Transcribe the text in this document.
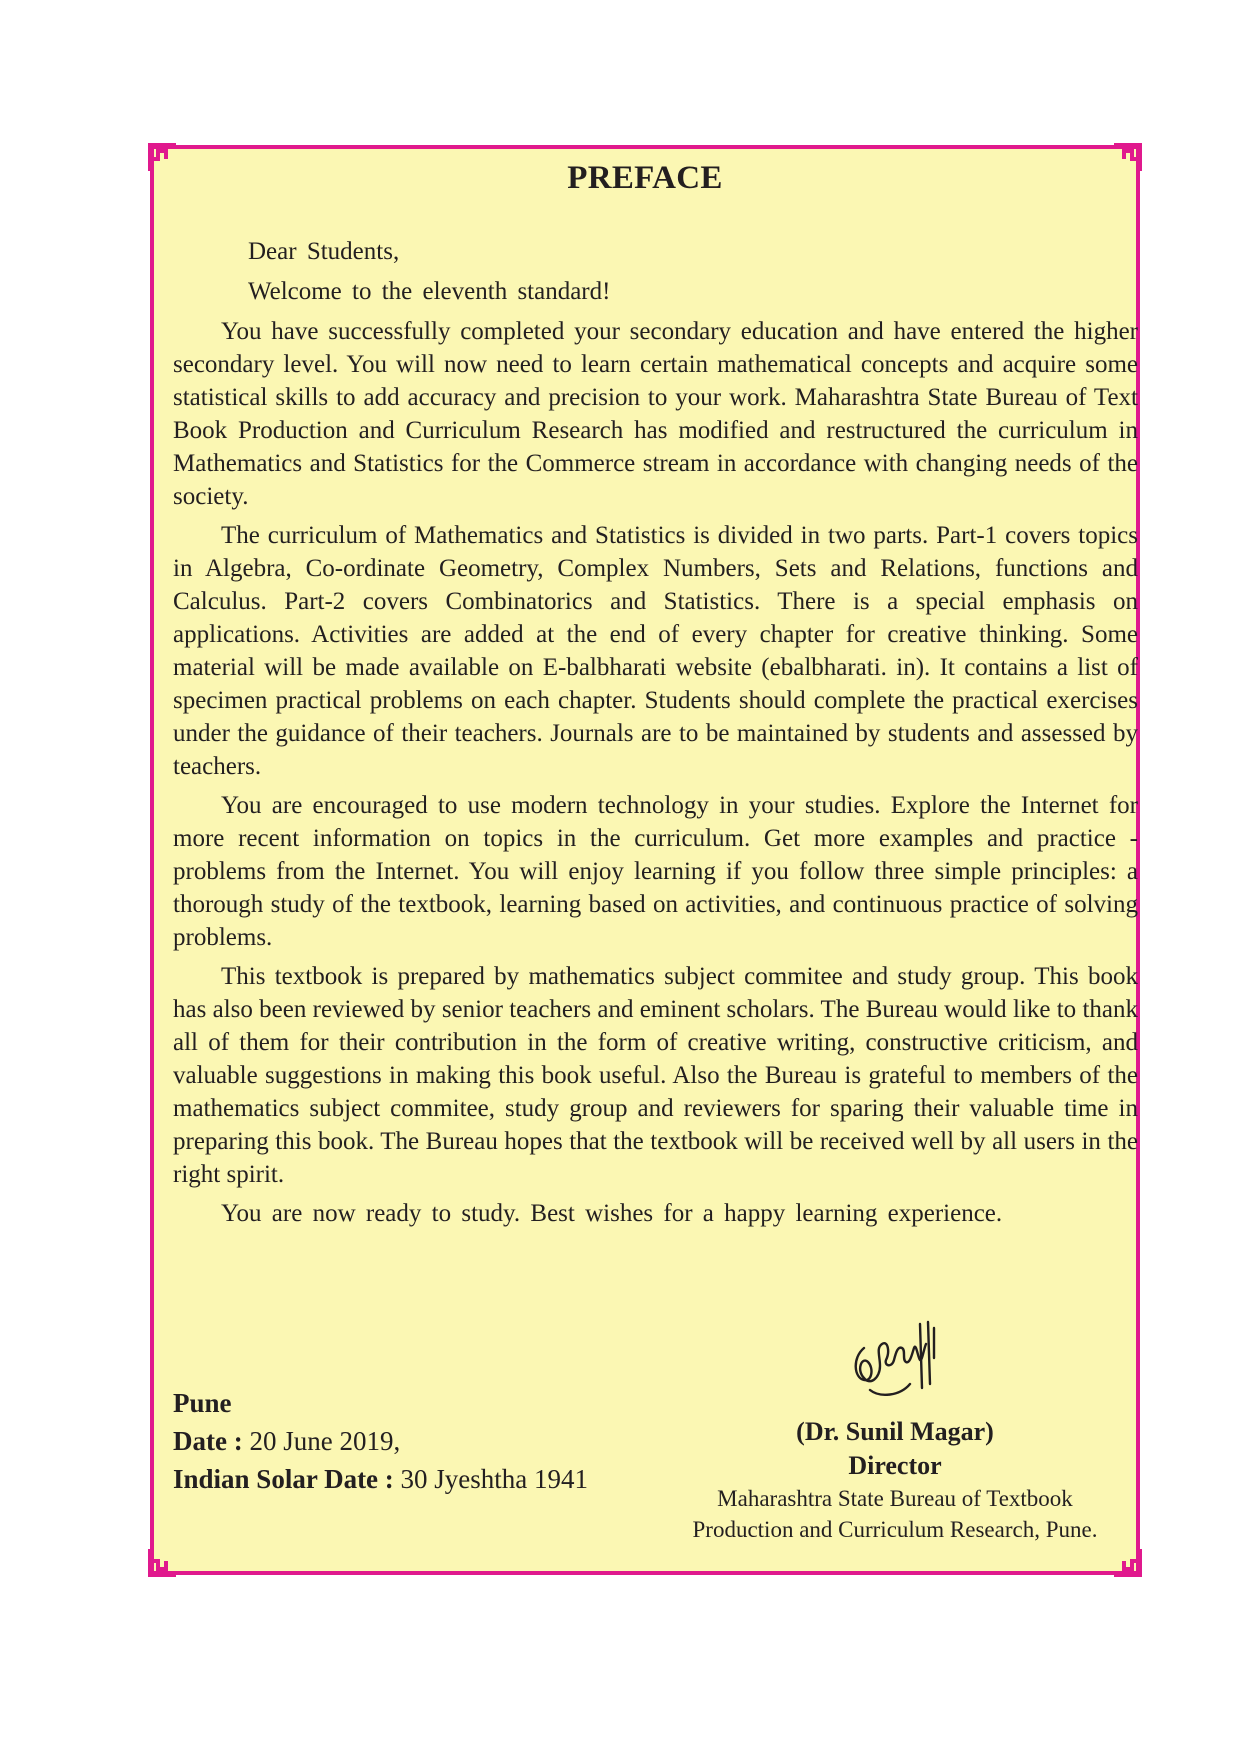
PREFACE

Dear Students,

Welcome to the eleventh standard!

You have successfully completed your secondary education and have entered the higher secondary level. You will now need to learn certain mathematical concepts and acquire some statistical skills to add accuracy and precision to your work. Maharashtra State Bureau of Text Book Production and Curriculum Research has modified and restructured the curriculum in Mathematics and Statistics for the Commerce stream in accordance with changing needs of the society.

The curriculum of Mathematics and Statistics is divided in two parts. Part-1 covers topics in Algebra, Co-ordinate Geometry, Complex Numbers, Sets and Relations, functions and Calculus. Part-2 covers Combinatorics and Statistics. There is a special emphasis on applications. Activities are added at the end of every chapter for creative thinking. Some material will be made available on E-balbharati website (ebalbharati. in). It contains a list of specimen practical problems on each chapter. Students should complete the practical exercises under the guidance of their teachers. Journals are to be maintained by students and assessed by teachers.

You are encouraged to use modern technology in your studies. Explore the Internet for more recent information on topics in the curriculum. Get more examples and practice - problems from the Internet. You will enjoy learning if you follow three simple principles: a thorough study of the textbook, learning based on activities, and continuous practice of solving problems.

This textbook is prepared by mathematics subject commitee and study group. This book has also been reviewed by senior teachers and eminent scholars. The Bureau would like to thank all of them for their contribution in the form of creative writing, constructive criticism, and valuable suggestions in making this book useful. Also the Bureau is grateful to members of the mathematics subject commitee, study group and reviewers for sparing their valuable time in preparing this book. The Bureau hopes that the textbook will be received well by all users in the right spirit.

You are now ready to study. Best wishes for a happy learning experience.

Pune
Date : 20 June 2019,
Indian Solar Date : 30 Jyeshtha 1941
(Dr. Sunil Magar)
Director
Maharashtra State Bureau of Textbook
Production and Curriculum Research, Pune.
